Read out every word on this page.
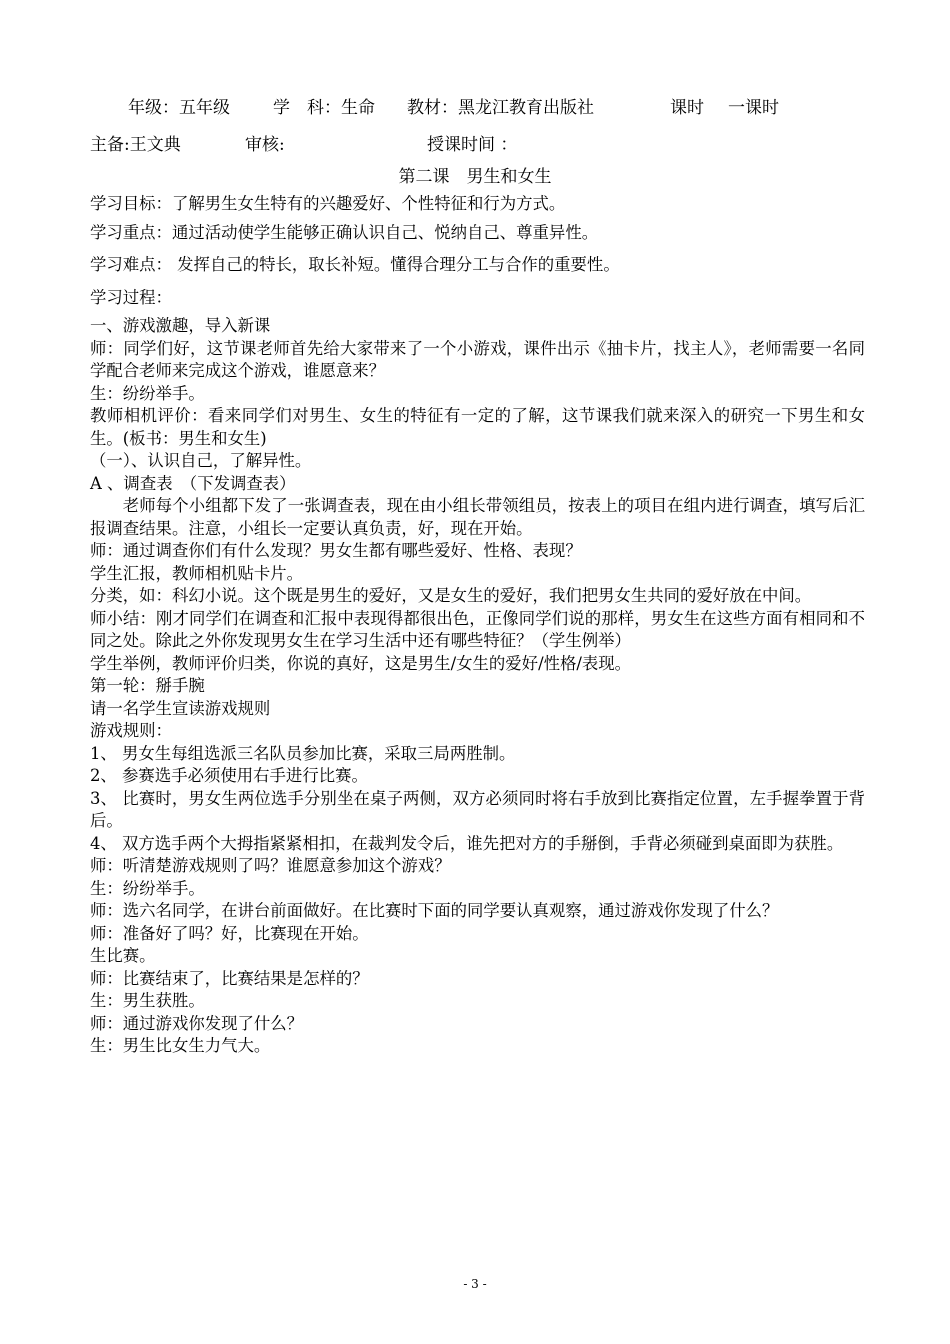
年级：五年级	学　科：生命 教材：黑龙江教育出版社	课时 一课时
主备:王文典	审核:	授课时间 ：
第二课　男生和女生

学习目标：了解男生女生特有的兴趣爱好、个性特征和行为方式。

学习重点：通过活动使学生能够正确认识自己、悦纳自己、尊重异性。

学习难点： 发挥自己的特长，取长补短。懂得合理分工与合作的重要性。

学习过程：

一、游戏激趣，导入新课

师：同学们好，这节课老师首先给大家带来了一个小游戏，课件出示《抽卡片，找主人》，老师需要一名同学配合老师来完成这个游戏，谁愿意来？

生：纷纷举手。

教师相机评价：看来同学们对男生、女生的特征有一定的了解，这节课我们就来深入的研究一下男生和女生。(板书：男生和女生)

（一）、认识自己，了解异性。

A 、调查表　（下发调查表）

老师每个小组都下发了一张调查表，现在由小组长带领组员，按表上的项目在组内进行调查，填写后汇报调查结果。注意，小组长一定要认真负责，好，现在开始。

师：通过调查你们有什么发现？男女生都有哪些爱好、性格、表现？

学生汇报，教师相机贴卡片。

分类，如：科幻小说。这个既是男生的爱好，又是女生的爱好，我们把男女生共同的爱好放在中间。

师小结：刚才同学们在调查和汇报中表现得都很出色，正像同学们说的那样，男女生在这些方面有相同和不同之处。除此之外你发现男女生在学习生活中还有哪些特征？（学生例举）

学生举例，教师评价归类，你说的真好，这是男生/女生的爱好/性格/表现。

第一轮：掰手腕

请一名学生宣读游戏规则

游戏规则：

1、 男女生每组选派三名队员参加比赛，采取三局两胜制。

2、 参赛选手必须使用右手进行比赛。

3、 比赛时，男女生两位选手分别坐在桌子两侧，双方必须同时将右手放到比赛指定位置，左手握拳置于背后。

4、 双方选手两个大拇指紧紧相扣，在裁判发令后，谁先把对方的手掰倒，手背必须碰到桌面即为获胜。

师：听清楚游戏规则了吗？谁愿意参加这个游戏？

生：纷纷举手。

师：选六名同学，在讲台前面做好。在比赛时下面的同学要认真观察，通过游戏你发现了什么？

师：准备好了吗？好，比赛现在开始。

生比赛。

师：比赛结束了，比赛结果是怎样的？

生：男生获胜。

师：通过游戏你发现了什么？

生：男生比女生力气大。

- 3 -
